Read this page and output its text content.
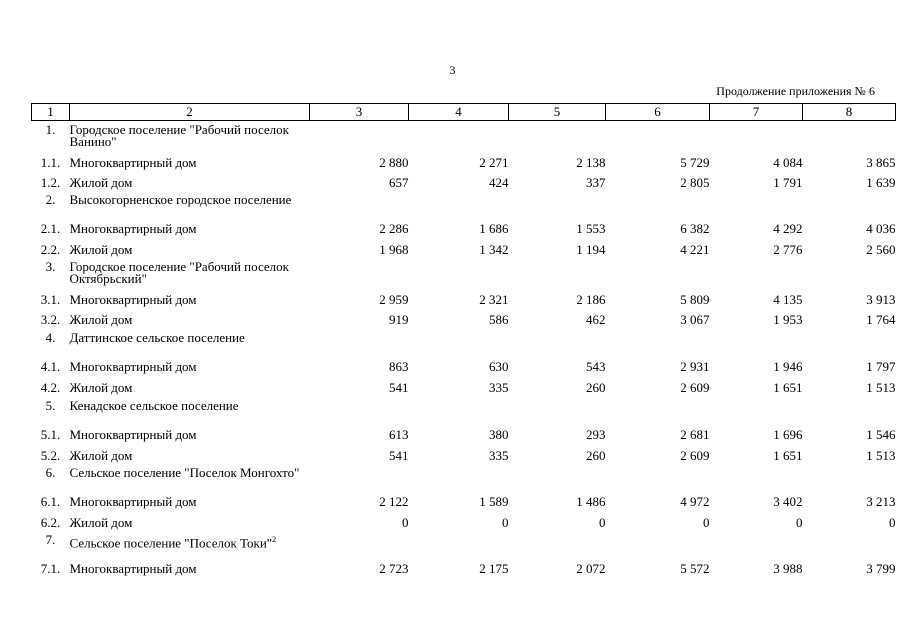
3
Продолжение приложения № 6
1	2	3	4	5	6	7	8
1.	Городское поселение "Рабочий поселок Ванино"						
1.1.	Многоквартирный дом	2 880	2 271	2 138	5 729	4 084	3 865
1.2.	Жилой дом	657	424	337	2 805	1 791	1 639
2.	Высокогорненское городское поселение						
2.1.	Многоквартирный дом	2 286	1 686	1 553	6 382	4 292	4 036
2.2.	Жилой дом	1 968	1 342	1 194	4 221	2 776	2 560
3.	Городское поселение "Рабочий поселок Октябрьский"						
3.1.	Многоквартирный дом	2 959	2 321	2 186	5 809	4 135	3 913
3.2.	Жилой дом	919	586	462	3 067	1 953	1 764
4.	Даттинское сельское поселение						
4.1.	Многоквартирный дом	863	630	543	2 931	1 946	1 797
4.2.	Жилой дом	541	335	260	2 609	1 651	1 513
5.	Кенадское сельское поселение						
5.1.	Многоквартирный дом	613	380	293	2 681	1 696	1 546
5.2.	Жилой дом	541	335	260	2 609	1 651	1 513
6.	Сельское поселение "Поселок Монгохто"						
6.1.	Многоквартирный дом	2 122	1 589	1 486	4 972	3 402	3 213
6.2.	Жилой дом	0	0	0	0	0	0
7.	Сельское поселение "Поселок Токи"$^2$						
7.1.	Многоквартирный дом	2 723	2 175	2 072	5 572	3 988	3 799
